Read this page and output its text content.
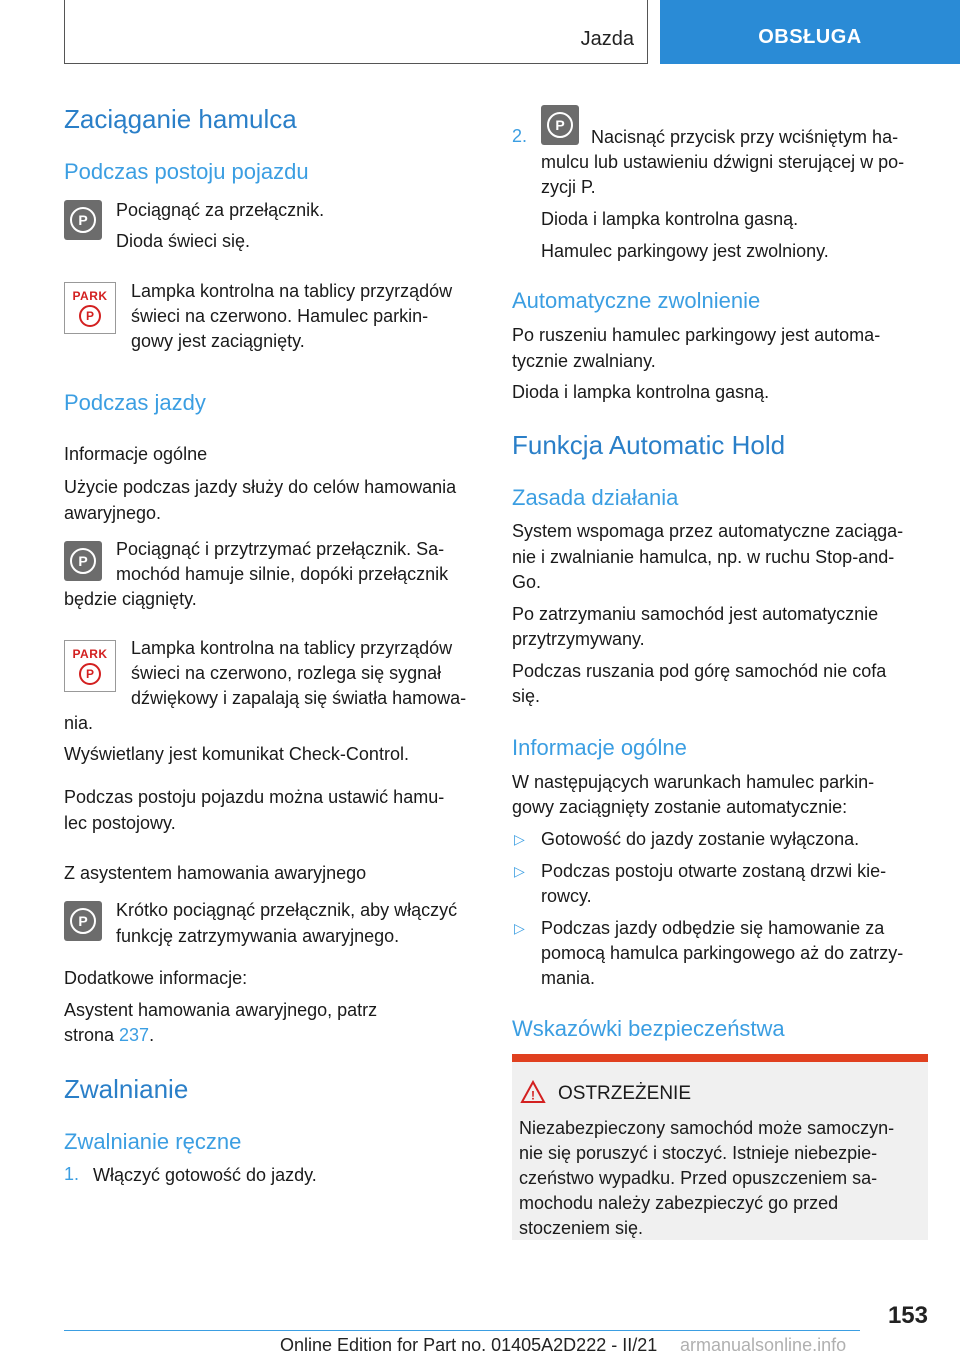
Jazda	OBSŁUGA
Zaciąganie hamulca
Podczas postoju pojazdu
P	Pociągnąć za przełącznik.
Dioda świeci się.
PARK
P
Lampka kontrolna na tablicy przyrządów
świeci na czerwono. Hamulec parkin-
gowy jest zaciągnięty.
Podczas jazdy
Informacje ogólne
Użycie podczas jazdy służy do celów hamowania
awaryjnego.
P
Pociągnąć i przytrzymać przełącznik. Sa-
mochód hamuje silnie, dopóki przełącznik
będzie ciągnięty.
PARK
P
Lampka kontrolna na tablicy przyrządów
świeci na czerwono, rozlega się sygnał
dźwiękowy i zapalają się światła hamowa-
nia.
Wyświetlany jest komunikat Check-Control.
Podczas postoju pojazdu można ustawić hamu-
lec postojowy.
Z asystentem hamowania awaryjnego
P
Krótko pociągnąć przełącznik, aby włączyć
funkcję zatrzymywania awaryjnego.
Dodatkowe informacje:
Asystent hamowania awaryjnego, patrz
strona 237.
Zwalnianie
Zwalnianie ręczne
1. Włączyć gotowość do jazdy.
2.
P
Nacisnąć przycisk przy wciśniętym ha-
mulcu lub ustawieniu dźwigni sterującej w po-
zycji P.
Dioda i lampka kontrolna gasną.
Hamulec parkingowy jest zwolniony.
Automatyczne zwolnienie
Po ruszeniu hamulec parkingowy jest automa-
tycznie zwalniany.
Dioda i lampka kontrolna gasną.
Funkcja Automatic Hold
Zasada działania
System wspomaga przez automatyczne zaciąga-
nie i zwalnianie hamulca, np. w ruchu Stop-and-
Go.
Po zatrzymaniu samochód jest automatycznie
przytrzymywany.
Podczas ruszania pod górę samochód nie cofa
się.
Informacje ogólne
W następujących warunkach hamulec parkin-
gowy zaciągnięty zostanie automatycznie:
▷ Gotowość do jazdy zostanie wyłączona.
▷ Podczas postoju otwarte zostaną drzwi kie-
rowcy.
▷ Podczas jazdy odbędzie się hamowanie za
pomocą hamulca parkingowego aż do zatrzy-
mania.
Wskazówki bezpieczeństwa
! OSTRZEŻENIE
Niezabezpieczony samochód może samoczyn-
nie się poruszyć i stoczyć. Istnieje niebezpie-
czeństwo wypadku. Przed opuszczeniem sa-
mochodu należy zabezpieczyć go przed
stoczeniem się.
153
Online Edition for Part no. 01405A2D222 - II/21 armanualsonline.info
